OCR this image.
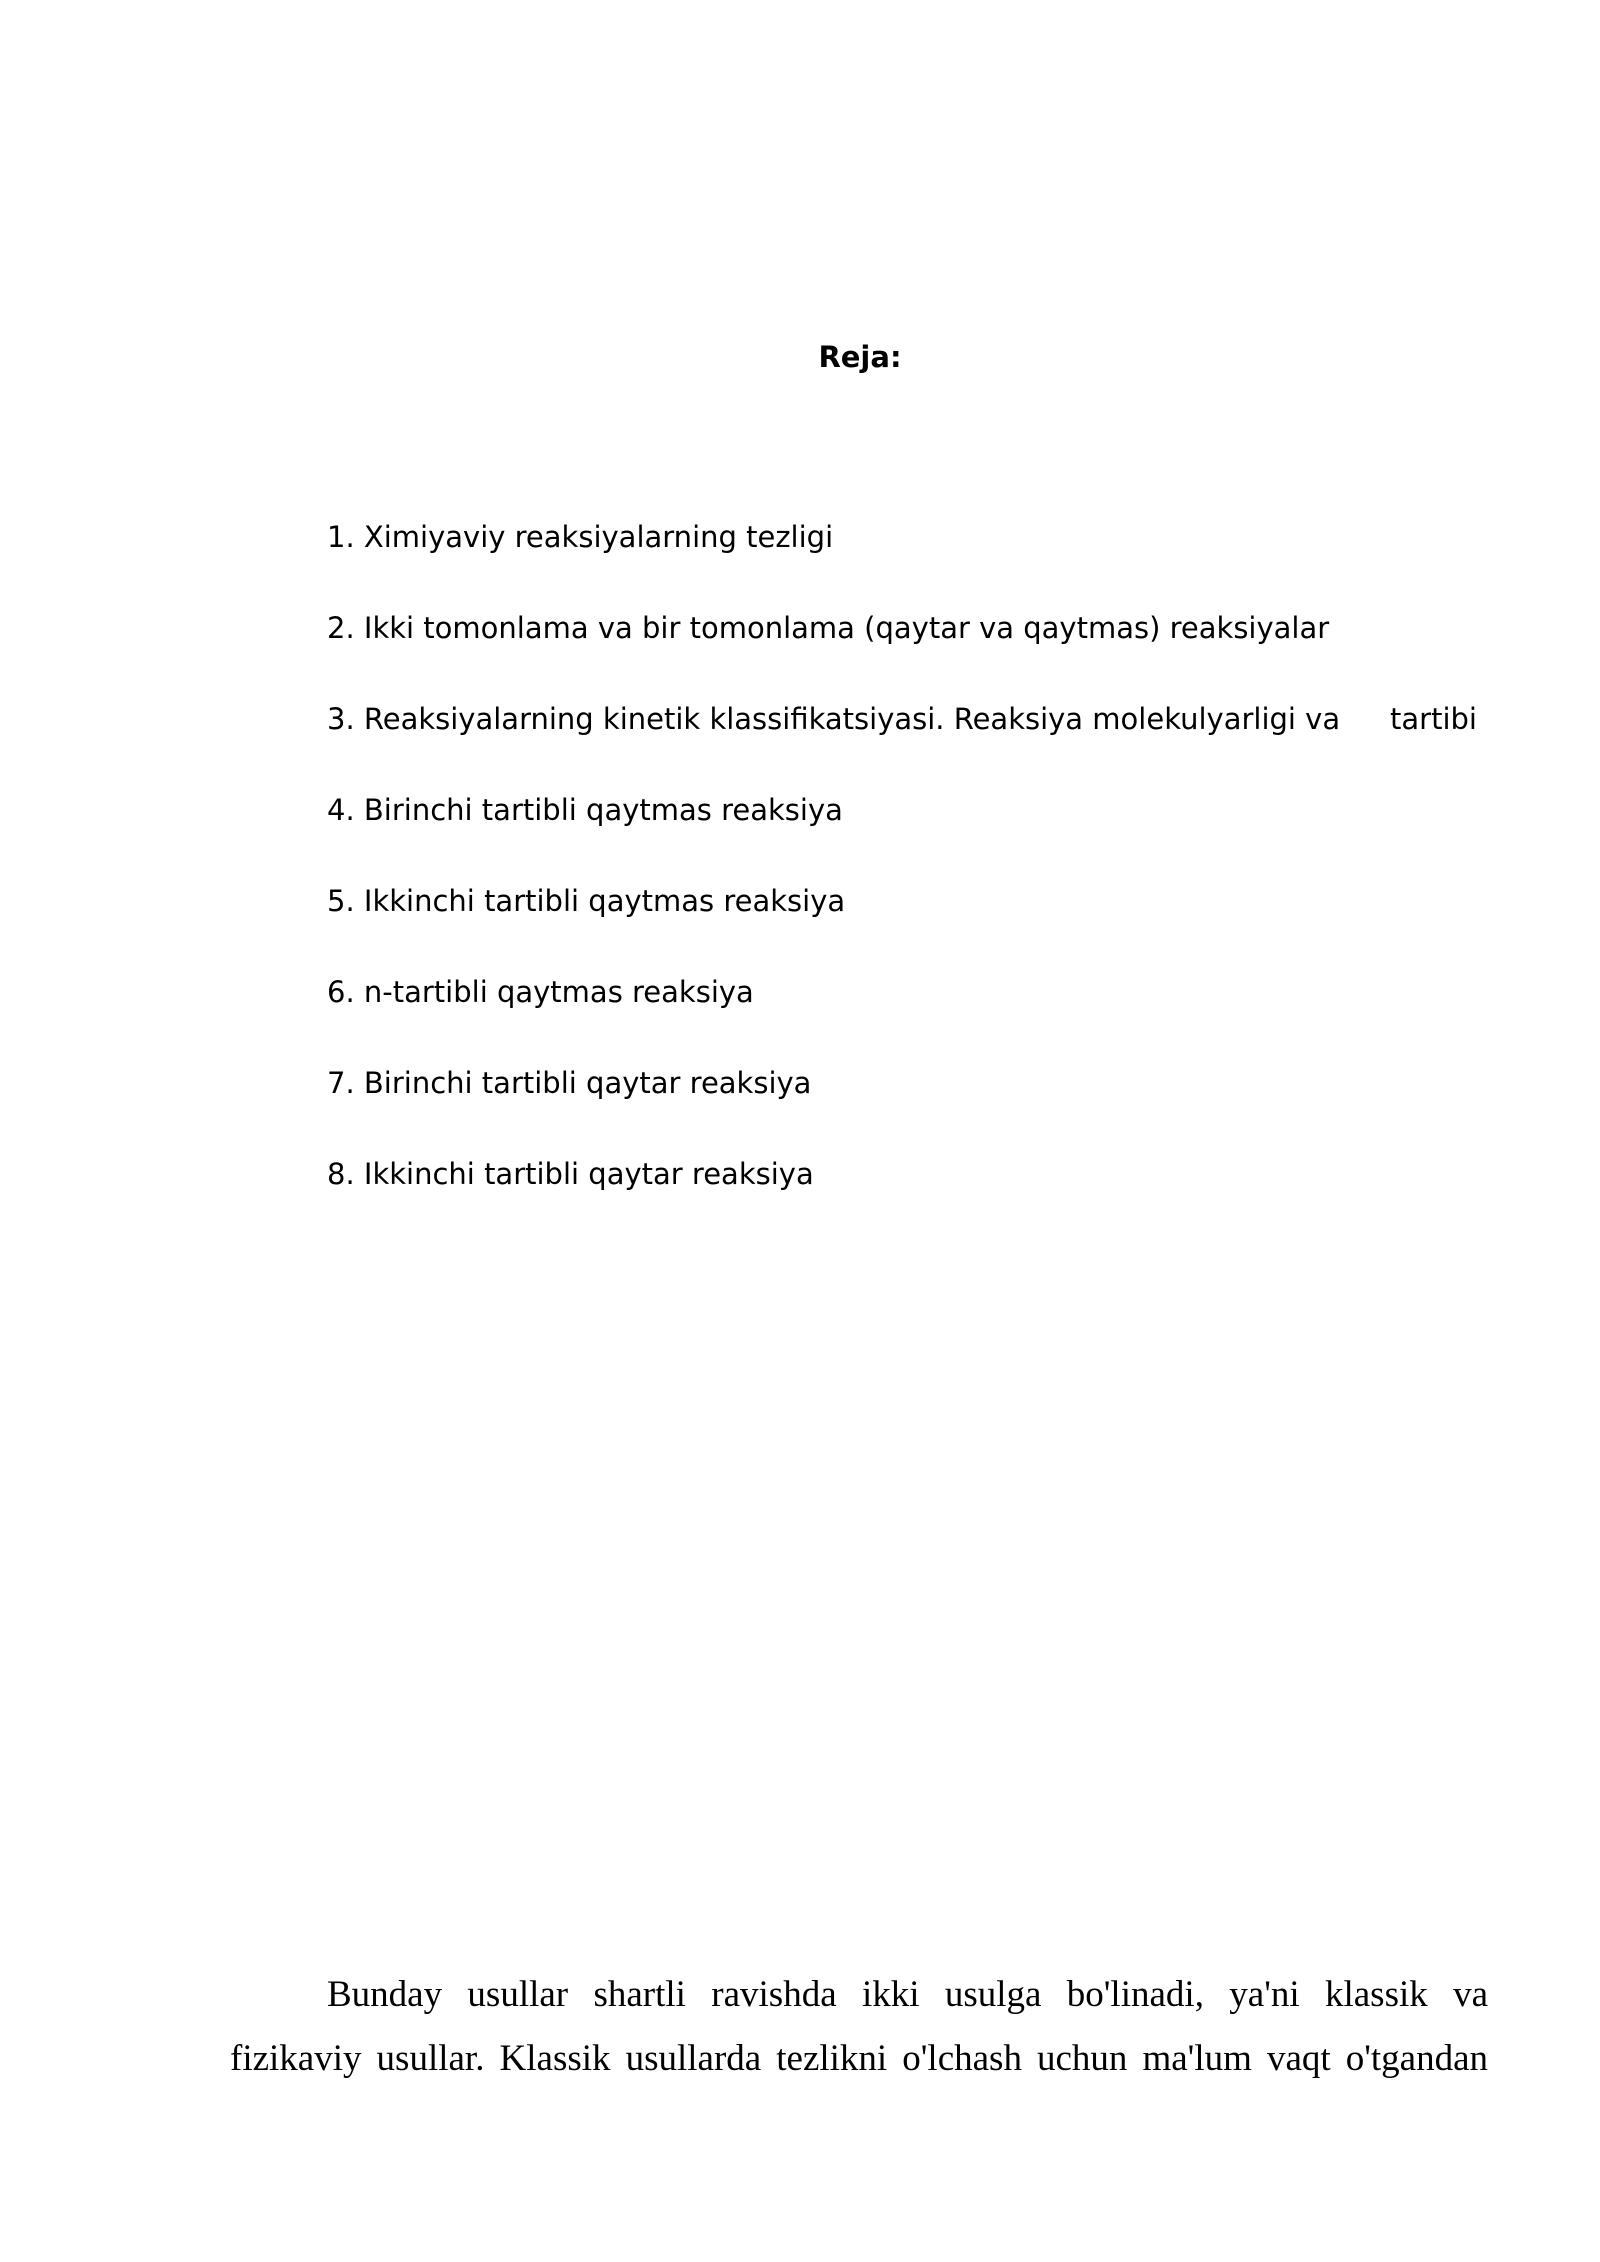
Reja:
1. Ximiyaviy reaksiyalarning tezligi
2. Ikki tomonlama va bir tomonlama (qaytar va qaytmas) reaksiyalar
3. Reaksiyalarning kinetik klassifikatsiyasi. Reaksiya molekulyarligi va tartibi
4. Birinchi tartibli qaytmas reaksiya
5. Ikkinchi tartibli qaytmas reaksiya
6. n-tartibli qaytmas reaksiya
7. Birinchi tartibli qaytar reaksiya
8. Ikkinchi tartibli qaytar reaksiya

Bunday usullar shartli ravishda ikki usulga bo'linadi, ya'ni klassik va
fizikaviy usullar. Klassik usullarda tezlikni o'lchash uchun ma'lum vaqt o'tgandan
